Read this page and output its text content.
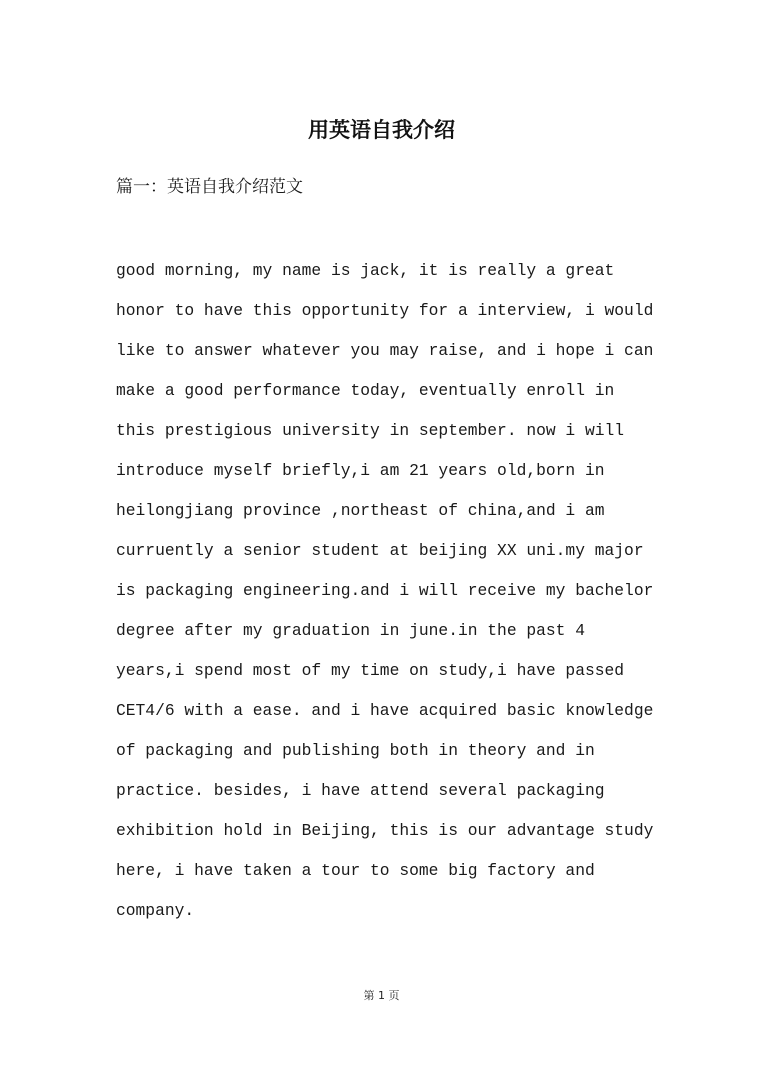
用英语自我介绍
篇一：英语自我介绍范文
good morning, my name is jack, it is really a great
honor to have this opportunity for a interview, i would
like to answer whatever you may raise, and i hope i can
make a good performance today, eventually enroll in
this prestigious university in september. now i will
introduce myself briefly,i am 21 years old,born in
heilongjiang province ,northeast of china,and i am
curruently a senior student at beijing XX uni.my major
is packaging engineering.and i will receive my bachelor
degree after my graduation in june.in the past 4
years,i spend most of my time on study,i have passed
CET4/6 with a ease. and i have acquired basic knowledge
of packaging and publishing both in theory and in
practice. besides, i have attend several packaging
exhibition hold in Beijing, this is our advantage study
here, i have taken a tour to some big factory and
company.
第 1 页
